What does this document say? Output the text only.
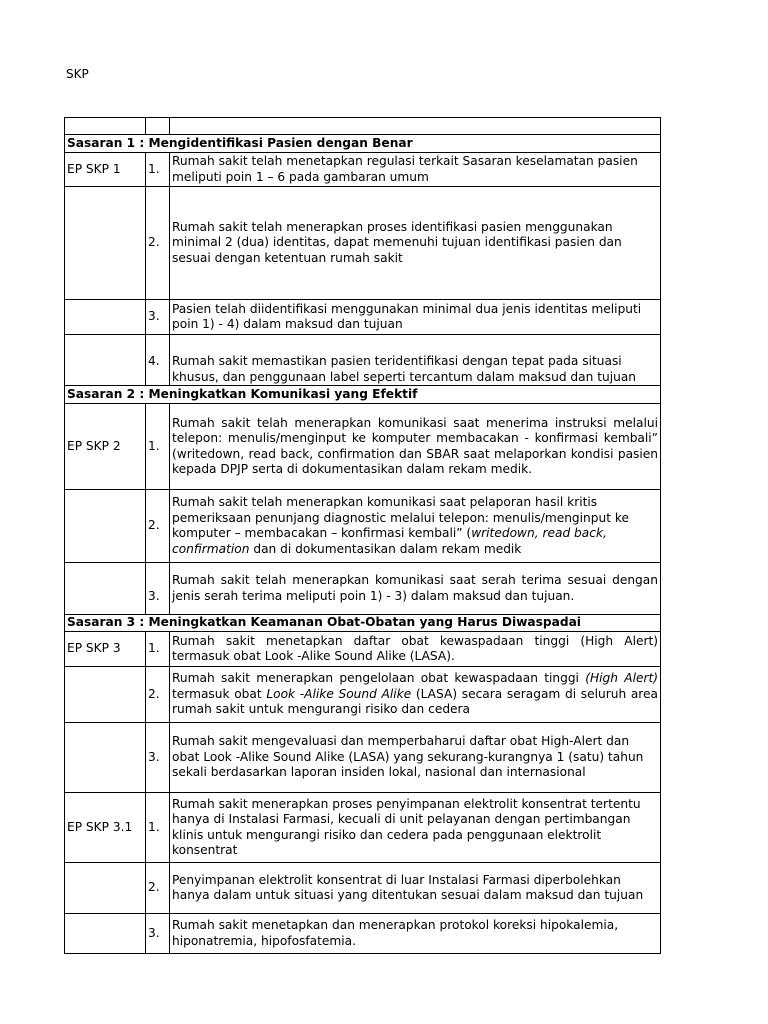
SKP

Sasaran 1 : Mengidentifikasi Pasien dengan Benar		
EP SKP 1	1.	Rumah sakit telah menetapkan regulasi terkait Sasaran keselamatan pasien meliputi poin 1 – 6 pada gambaran umum
	2.	Rumah sakit telah menerapkan proses identifikasi pasien menggunakan minimal 2 (dua) identitas, dapat memenuhi tujuan identifikasi pasien dan sesuai dengan ketentuan rumah sakit
	3.	Pasien telah diidentifikasi menggunakan minimal dua jenis identitas meliputi poin 1) - 4) dalam maksud dan tujuan
	4.	Rumah sakit memastikan pasien teridentifikasi dengan tepat pada situasi khusus, dan penggunaan label seperti tercantum dalam maksud dan tujuan
Sasaran 2 : Meningkatkan Komunikasi yang Efektif		
EP SKP 2	1.	Rumah sakit telah menerapkan komunikasi saat menerima instruksi melalui telepon: menulis/menginput ke komputer membacakan - konfirmasi kembali” (writedown, read back, confirmation dan SBAR saat melaporkan kondisi pasien kepada DPJP serta di dokumentasikan dalam rekam medik.
	2.	Rumah sakit telah menerapkan komunikasi saat pelaporan hasil kritis pemeriksaan penunjang diagnostic melalui telepon: menulis/menginput ke komputer – membacakan – konfirmasi kembali” (writedown, read back, confirmation dan di dokumentasikan dalam rekam medik
	3.	Rumah sakit telah menerapkan komunikasi saat serah terima sesuai dengan jenis serah terima meliputi poin 1) - 3) dalam maksud dan tujuan.
Sasaran 3 : Meningkatkan Keamanan Obat-Obatan yang Harus Diwaspadai		
EP SKP 3	1.	Rumah sakit menetapkan daftar obat kewaspadaan tinggi (High Alert) termasuk obat Look -Alike Sound Alike (LASA).
	2.	Rumah sakit menerapkan pengelolaan obat kewaspadaan tinggi (High Alert) termasuk obat Look -Alike Sound Alike (LASA) secara seragam di seluruh area rumah sakit untuk mengurangi risiko dan cedera
	3.	Rumah sakit mengevaluasi dan memperbaharui daftar obat High-Alert dan obat Look -Alike Sound Alike (LASA) yang sekurang-kurangnya 1 (satu) tahun sekali berdasarkan laporan insiden lokal, nasional dan internasional
EP SKP 3.1	1.	Rumah sakit menerapkan proses penyimpanan elektrolit konsentrat tertentu hanya di Instalasi Farmasi, kecuali di unit pelayanan dengan pertimbangan klinis untuk mengurangi risiko dan cedera pada penggunaan elektrolit konsentrat
	2.	Penyimpanan elektrolit konsentrat di luar Instalasi Farmasi diperbolehkan hanya dalam untuk situasi yang ditentukan sesuai dalam maksud dan tujuan
	3.	Rumah sakit menetapkan dan menerapkan protokol koreksi hipokalemia, hiponatremia, hipofosfatemia.
